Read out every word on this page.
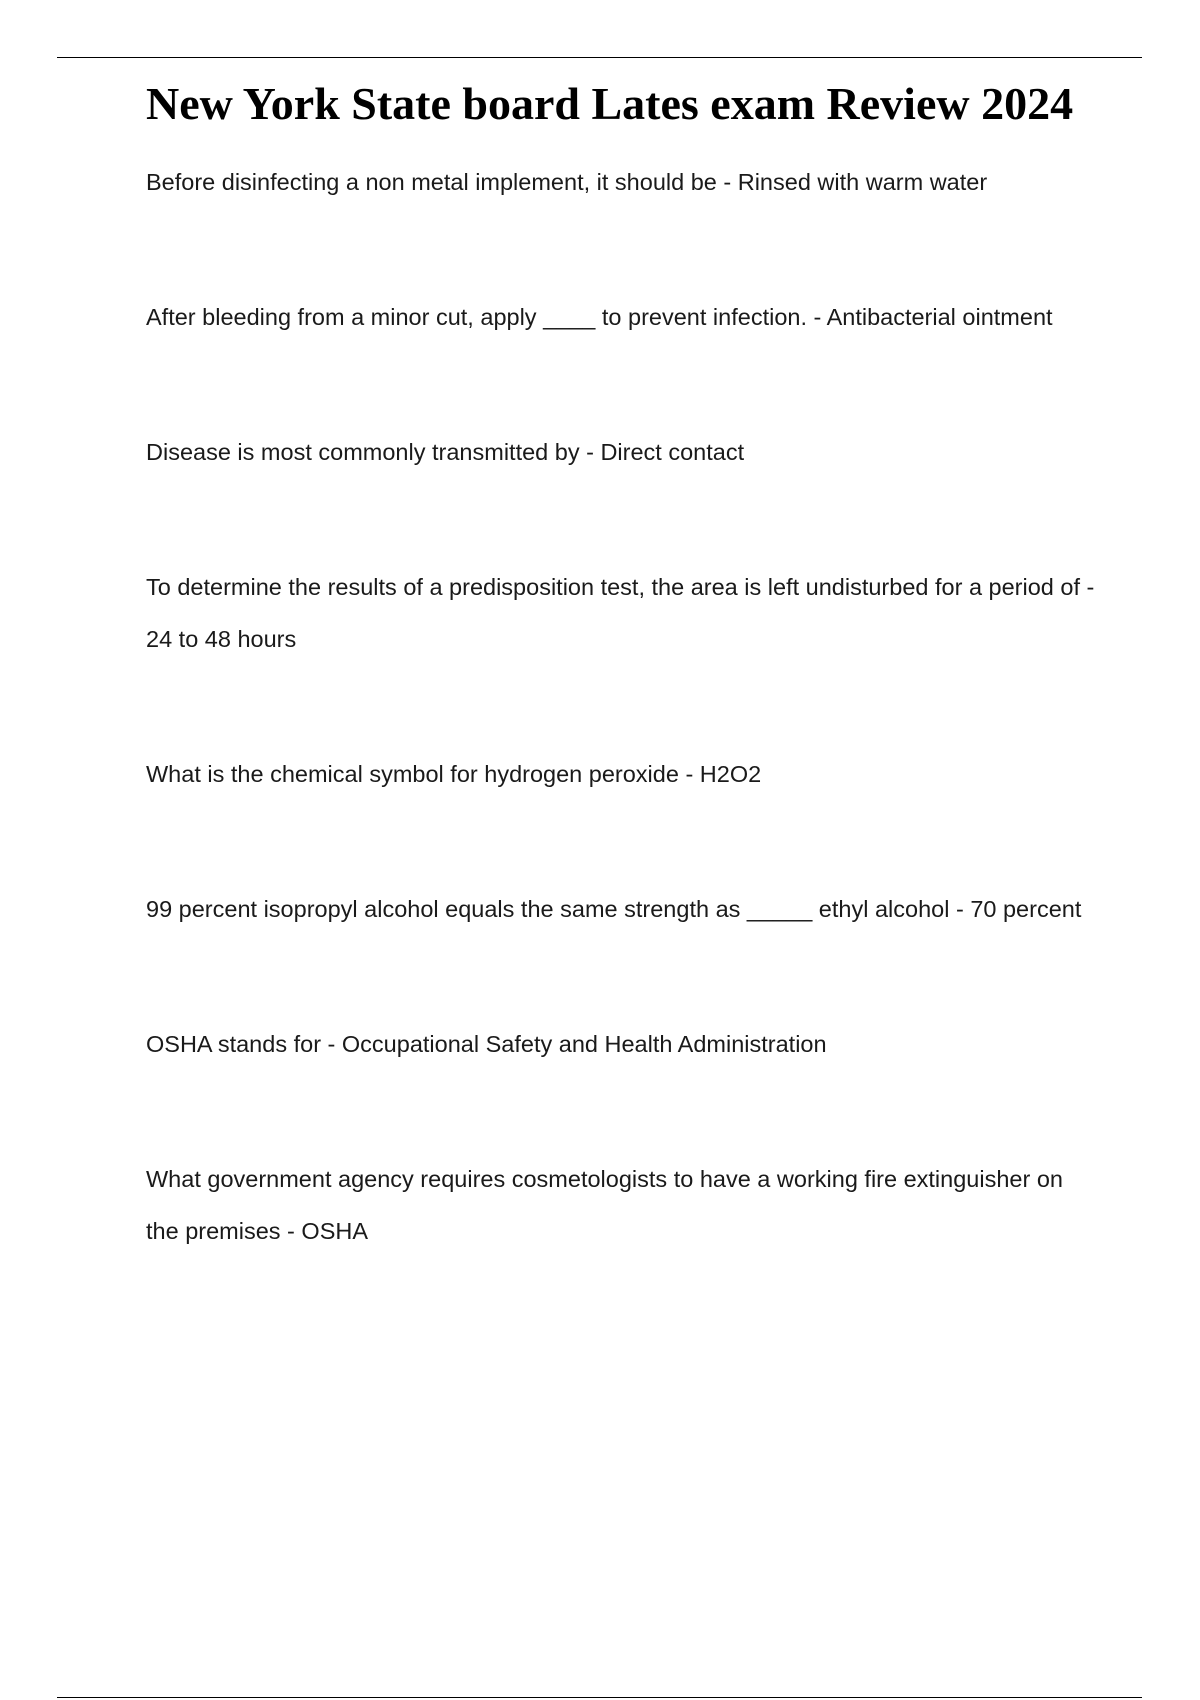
New York State board Lates exam Review 2024

Before disinfecting a non metal implement, it should be - Rinsed with warm water

After bleeding from a minor cut, apply ____ to prevent infection. - Antibacterial ointment

Disease is most commonly transmitted by - Direct contact

To determine the results of a predisposition test, the area is left undisturbed for a period of - 24 to 48 hours

What is the chemical symbol for hydrogen peroxide - H2O2

99 percent isopropyl alcohol equals the same strength as _____ ethyl alcohol - 70 percent

OSHA stands for - Occupational Safety and Health Administration

What government agency requires cosmetologists to have a working fire extinguisher on the premises - OSHA
